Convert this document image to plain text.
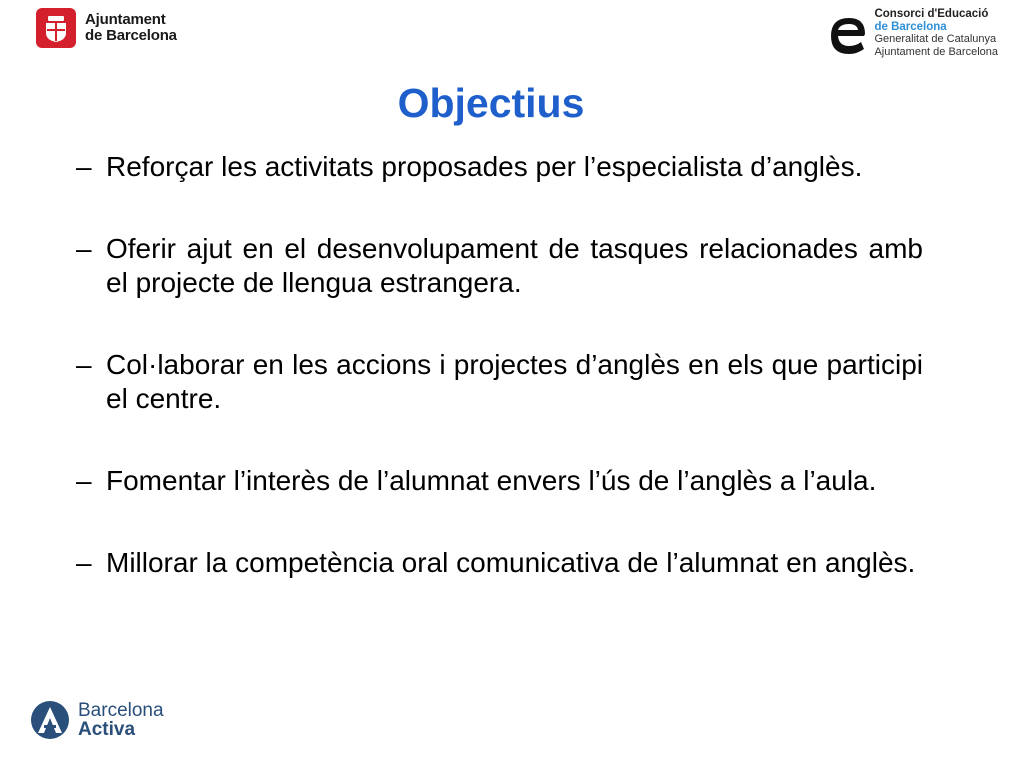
Ajuntament
de Barcelona
Consorci d'Educació
de Barcelona
Generalitat de Catalunya
Ajuntament de Barcelona
Objectius
– Reforçar les activitats proposades per l’especialista d’anglès.
– Oferir ajut en el desenvolupament de tasques relacionades amb el projecte de llengua estrangera.
– Col·laborar en les accions i projectes d’anglès en els que participi el centre.
– Fomentar l’interès de l’alumnat envers l’ús de l’anglès a l’aula.
– Millorar la competència oral comunicativa de l’alumnat en anglès.
Barcelona
Activa
